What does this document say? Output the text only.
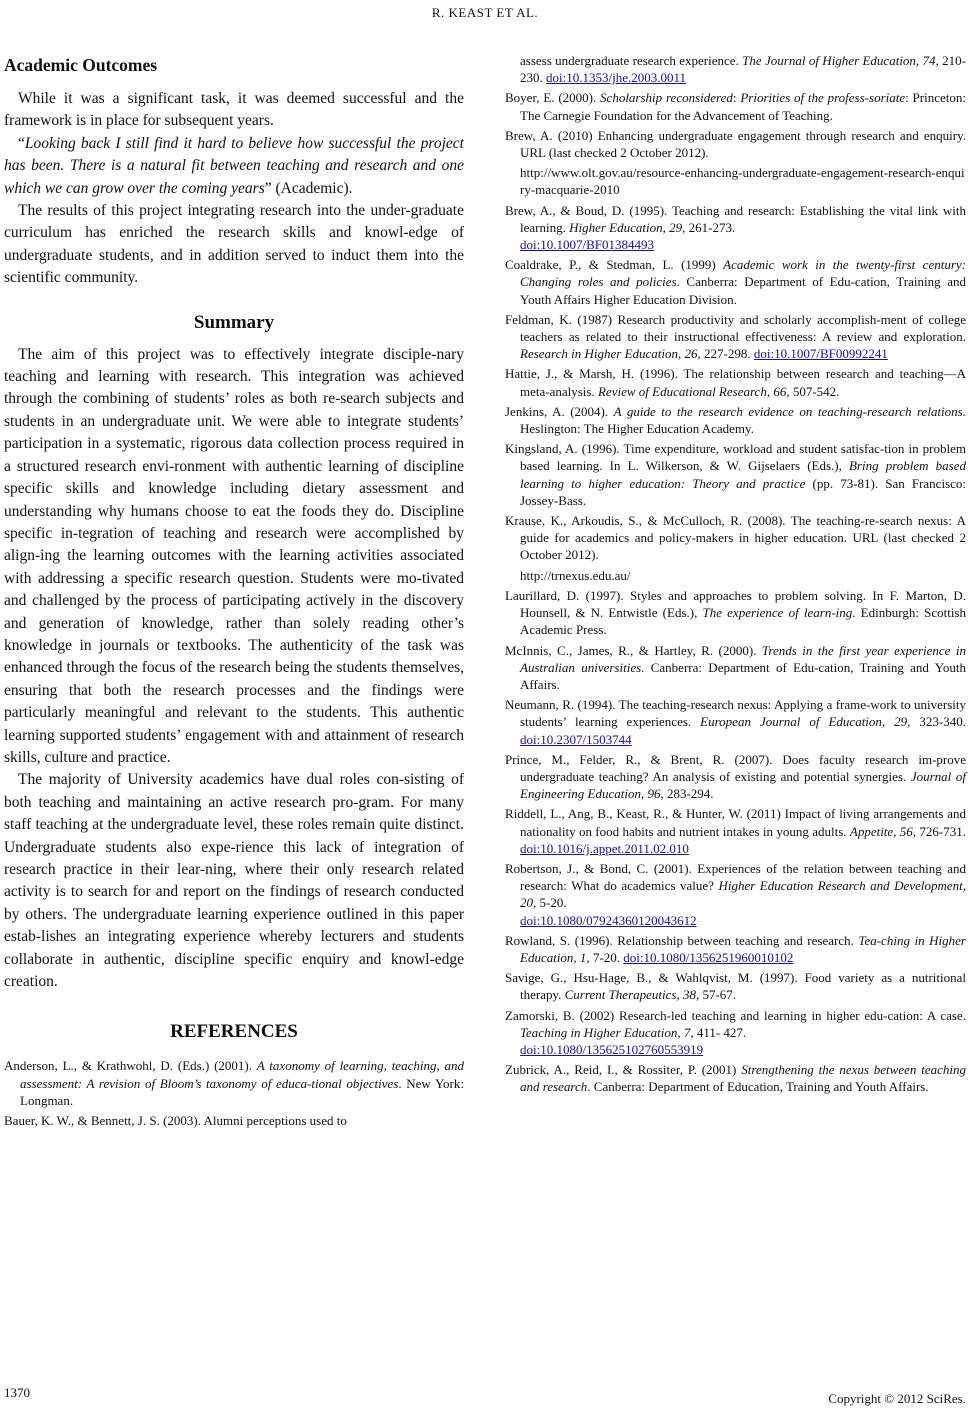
R. KEAST ET AL.
Academic Outcomes

While it was a significant task, it was deemed successful and the framework is in place for subsequent years.

“Looking back I still find it hard to believe how successful the project has been. There is a natural fit between teaching and research and one which we can grow over the coming years” (Academic).

The results of this project integrating research into the under-graduate curriculum has enriched the research skills and knowl-edge of undergraduate students, and in addition served to induct them into the scientific community.

Summary

The aim of this project was to effectively integrate disciple-nary teaching and learning with research. This integration was achieved through the combining of students’ roles as both re-search subjects and students in an undergraduate unit. We were able to integrate students’ participation in a systematic, rigorous data collection process required in a structured research envi-ronment with authentic learning of discipline specific skills and knowledge including dietary assessment and understanding why humans choose to eat the foods they do. Discipline specific in-tegration of teaching and research were accomplished by align-ing the learning outcomes with the learning activities associated with addressing a specific research question. Students were mo-tivated and challenged by the process of participating actively in the discovery and generation of knowledge, rather than solely reading other’s knowledge in journals or textbooks. The authenticity of the task was enhanced through the focus of the research being the students themselves, ensuring that both the research processes and the findings were particularly meaningful and relevant to the students. This authentic learning supported students’ engagement with and attainment of research skills, culture and practice.

The majority of University academics have dual roles con-sisting of both teaching and maintaining an active research pro-gram. For many staff teaching at the undergraduate level, these roles remain quite distinct. Undergraduate students also expe-rience this lack of integration of research practice in their lear-ning, where their only research related activity is to search for and report on the findings of research conducted by others. The undergraduate learning experience outlined in this paper estab-lishes an integrating experience whereby lecturers and students collaborate in authentic, discipline specific enquiry and knowl-edge creation.

REFERENCES

Anderson, L., & Krathwohl, D. (Eds.) (2001). A taxonomy of learning, teaching, and assessment: A revision of Bloom’s taxonomy of educa-tional objectives. New York: Longman.

Bauer, K. W., & Bennett, J. S. (2003). Alumni perceptions used to

assess undergraduate research experience. The Journal of Higher Education, 74, 210-230. doi:10.1353/jhe.2003.0011

Boyer, E. (2000). Scholarship reconsidered: Priorities of the profess-soriate: Princeton: The Carnegie Foundation for the Advancement of Teaching.

Brew, A. (2010) Enhancing undergraduate engagement through research and enquiry. URL (last checked 2 October 2012).
http://www.olt.gov.au/resource-enhancing-undergraduate-engagement-research-enquiry-macquarie-2010

Brew, A., & Boud, D. (1995). Teaching and research: Establishing the vital link with learning. Higher Education, 29, 261-273.
doi:10.1007/BF01384493

Coaldrake, P., & Stedman, L. (1999) Academic work in the twenty-first century: Changing roles and policies. Canberra: Department of Edu-cation, Training and Youth Affairs Higher Education Division.

Feldman, K. (1987) Research productivity and scholarly accomplish-ment of college teachers as related to their instructional effectiveness: A review and exploration. Research in Higher Education, 26, 227-298. doi:10.1007/BF00992241

Hattie, J., & Marsh, H. (1996). The relationship between research and teaching—A meta-analysis. Review of Educational Research, 66, 507-542.

Jenkins, A. (2004). A guide to the research evidence on teaching-research relations. Heslington: The Higher Education Academy.

Kingsland, A. (1996). Time expenditure, workload and student satisfac-tion in problem based learning. In L. Wilkerson, & W. Gijselaers (Eds.), Bring problem based learning to higher education: Theory and practice (pp. 73-81). San Francisco: Jossey-Bass.

Krause, K., Arkoudis, S., & McCulloch, R. (2008). The teaching-re-search nexus: A guide for academics and policy-makers in higher education. URL (last checked 2 October 2012).
http://trnexus.edu.au/

Laurillard, D. (1997). Styles and approaches to problem solving. In F. Marton, D. Hounsell, & N. Entwistle (Eds.), The experience of learn-ing. Edinburgh: Scottish Academic Press.

McInnis, C., James, R., & Hartley, R. (2000). Trends in the first year experience in Australian universities. Canberra: Department of Edu-cation, Training and Youth Affairs.

Neumann, R. (1994). The teaching-research nexus: Applying a frame-work to university students’ learning experiences. European Journal of Education, 29, 323-340. doi:10.2307/1503744

Prince, M., Felder, R., & Brent, R. (2007). Does faculty research im-prove undergraduate teaching? An analysis of existing and potential synergies. Journal of Engineering Education, 96, 283-294.

Riddell, L., Ang, B., Keast, R., & Hunter, W. (2011) Impact of living arrangements and nationality on food habits and nutrient intakes in young adults. Appetite, 56, 726-731. doi:10.1016/j.appet.2011.02.010

Robertson, J., & Bond, C. (2001). Experiences of the relation between teaching and research: What do academics value? Higher Education Research and Development, 20, 5-20.
doi:10.1080/07924360120043612

Rowland, S. (1996). Relationship between teaching and research. Tea-ching in Higher Education, 1, 7-20. doi:10.1080/1356251960010102

Savige, G., Hsu-Hage, B., & Wahlqvist, M. (1997). Food variety as a nutritional therapy. Current Therapeutics, 38, 57-67.

Zamorski, B. (2002) Research-led teaching and learning in higher edu-cation: A case. Teaching in Higher Education, 7, 411- 427.
doi:10.1080/135625102760553919

Zubrick, A., Reid, I., & Rossiter, P. (2001) Strengthening the nexus between teaching and research. Canberra: Department of Education, Training and Youth Affairs.

1370	Copyright © 2012 SciRes.
